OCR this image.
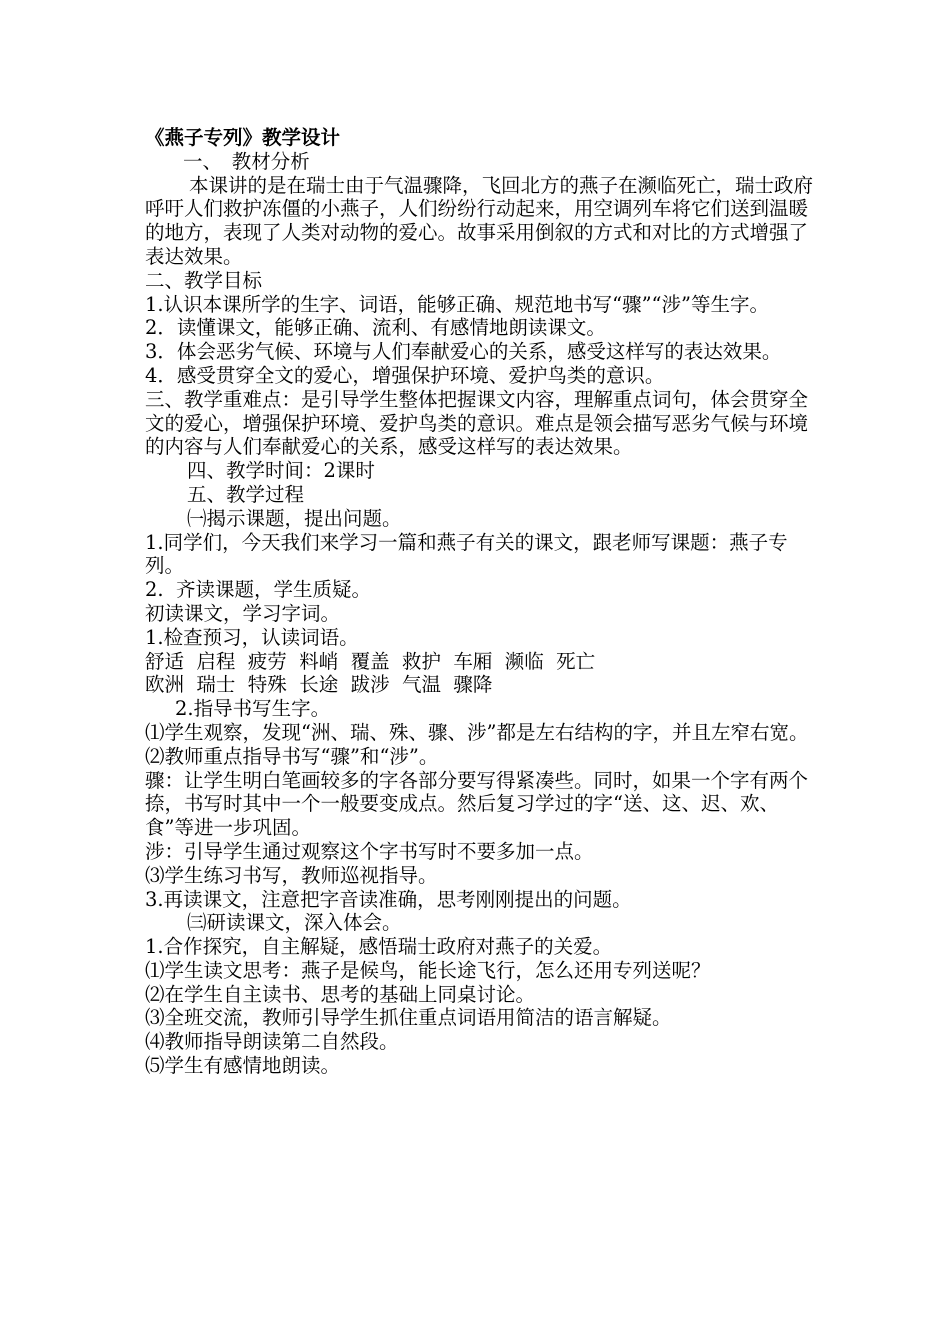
《燕子专列》教学设计

一、　教材分析

本课讲的是在瑞士由于气温骤降，飞回北方的燕子在濒临死亡，瑞士政府呼吁人们救护冻僵的小燕子，人们纷纷行动起来，用空调列车将它们送到温暖的地方，表现了人类对动物的爱心。故事采用倒叙的方式和对比的方式增强了表达效果。

二、教学目标

1.认识本课所学的生字、词语，能够正确、规范地书写“骤”“涉”等生字。

2．读懂课文，能够正确、流利、有感情地朗读课文。

3．体会恶劣气候、环境与人们奉献爱心的关系，感受这样写的表达效果。

4．感受贯穿全文的爱心，增强保护环境、爱护鸟类的意识。

三、教学重难点：是引导学生整体把握课文内容，理解重点词句，体会贯穿全文的爱心，增强保护环境、爱护鸟类的意识。难点是领会描写恶劣气候与环境的内容与人们奉献爱心的关系，感受这样写的表达效果。

四、教学时间：2课时

五、教学过程

㈠揭示课题，提出问题。

1.同学们，今天我们来学习一篇和燕子有关的课文，跟老师写课题：燕子专列。

2.  齐读课题，学生质疑。

初读课文，学习字词。

1.检查预习，认读词语。

舒适  启程  疲劳  料峭  覆盖  救护  车厢  濒临  死亡

欧洲  瑞士  特殊  长途  跋涉  气温  骤降

2.指导书写生字。

⑴学生观察，发现“洲、瑞、殊、骤、涉”都是左右结构的字，并且左窄右宽。

⑵教师重点指导书写“骤”和“涉”。

骤：让学生明白笔画较多的字各部分要写得紧凑些。同时，如果一个字有两个捺，书写时其中一个一般要变成点。然后复习学过的字“送、这、迟、欢、食”等进一步巩固。

涉：引导学生通过观察这个字书写时不要多加一点。

⑶学生练习书写，教师巡视指导。

3.再读课文，注意把字音读准确，思考刚刚提出的问题。

㈢研读课文，深入体会。

1.合作探究，自主解疑，感悟瑞士政府对燕子的关爱。

⑴学生读文思考：燕子是候鸟，能长途飞行，怎么还用专列送呢？

⑵在学生自主读书、思考的基础上同桌讨论。

⑶全班交流，教师引导学生抓住重点词语用简洁的语言解疑。

⑷教师指导朗读第二自然段。

⑸学生有感情地朗读。
